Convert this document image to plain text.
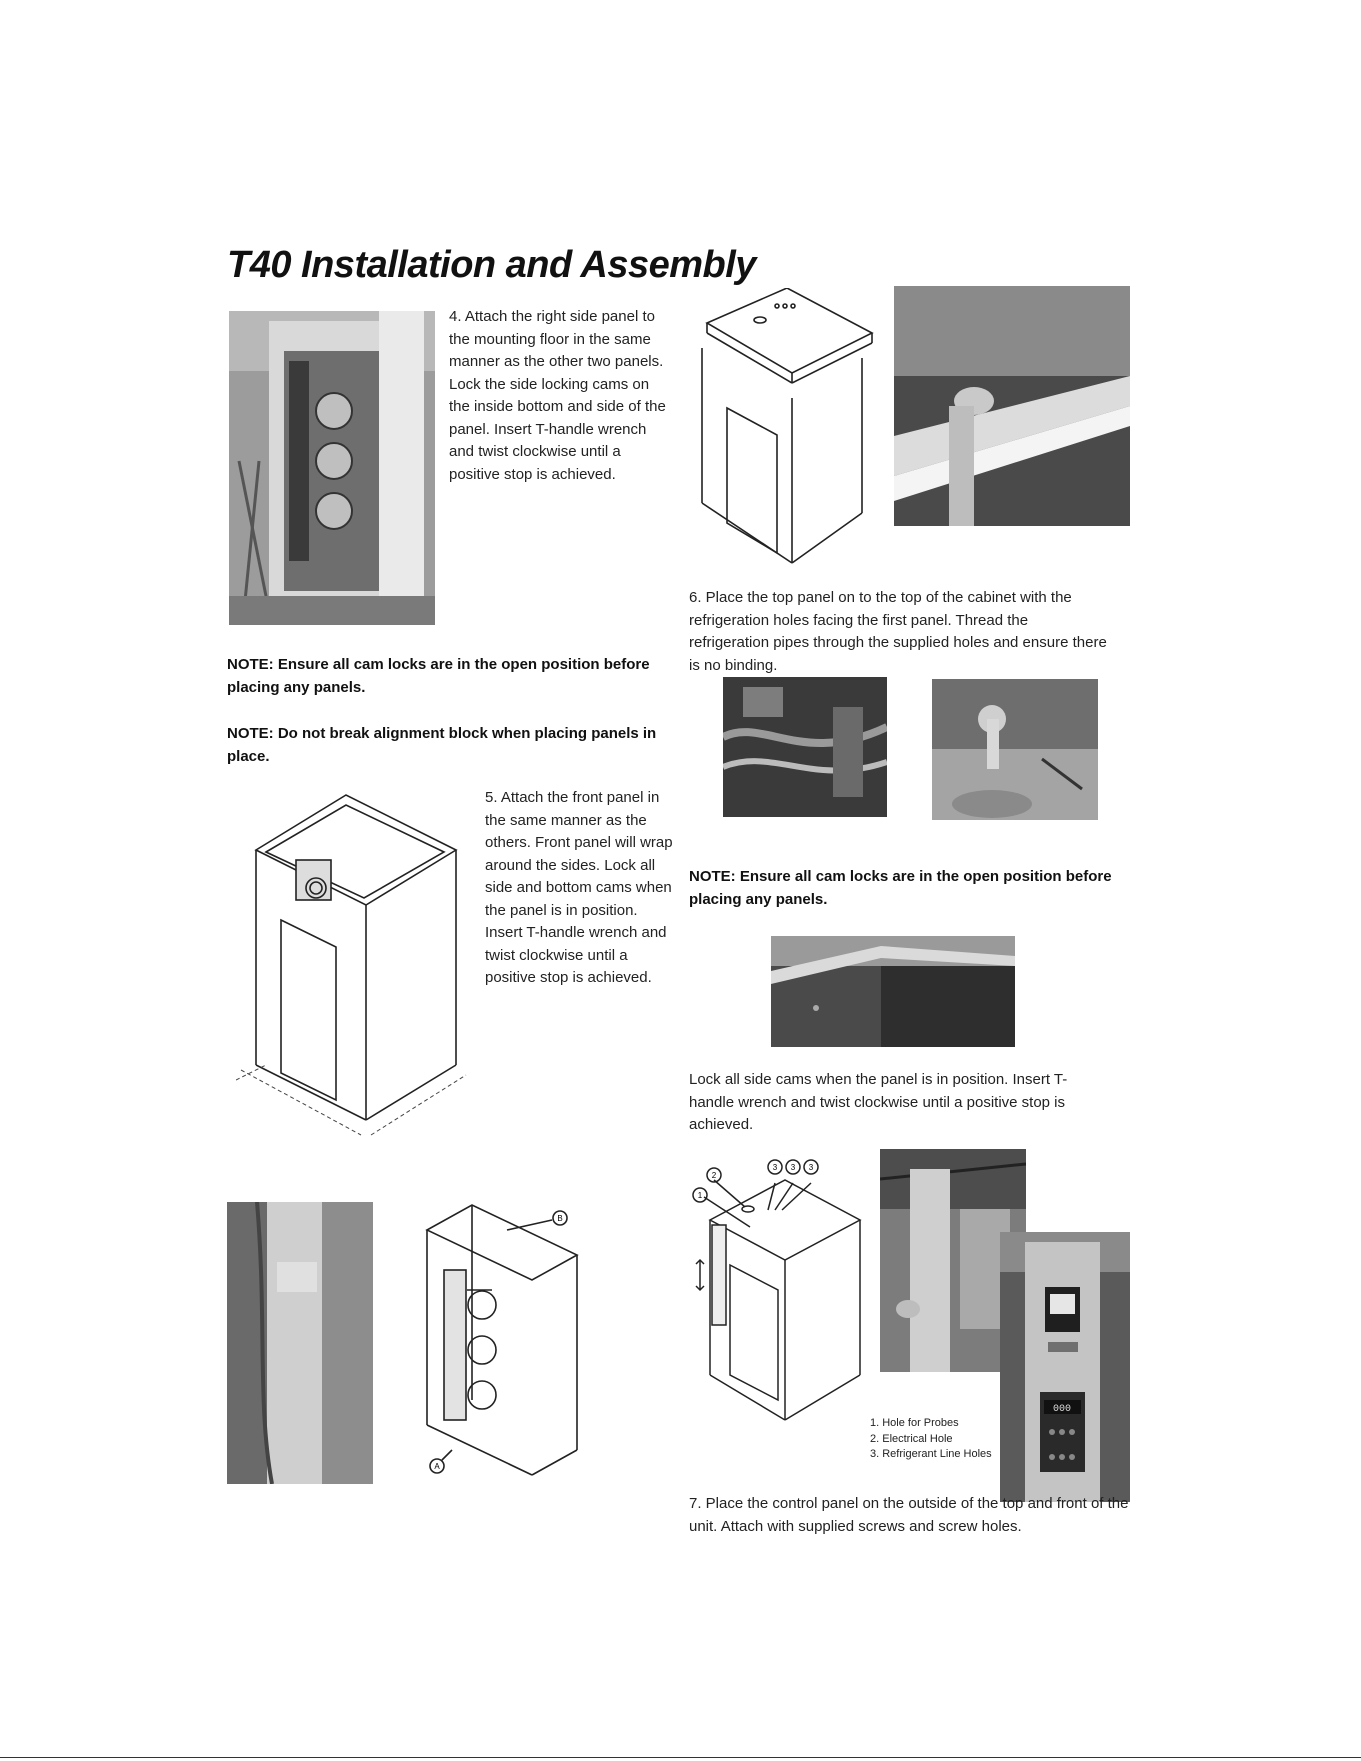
T40 Installation and Assembly
4. Attach the right side panel to the mounting floor in the same manner as the other two panels. Lock the side locking cams on the inside bottom and side of the panel. Insert T-handle wrench and twist clockwise until a positive stop is achieved.
NOTE: Ensure all cam locks are in the open position before placing any panels.
NOTE: Do not break alignment block when placing panels in place.
5. Attach the front panel in the same manner as the others. Front panel will wrap around the sides. Lock all side and bottom cams when the panel is in position. Insert T-handle wrench and twist clockwise until a positive stop is achieved.
B
A
6. Place the top panel on to the top of the cabinet with the refrigeration holes facing the first panel. Thread the refrigeration pipes through the supplied holes and ensure there is no binding.
NOTE: Ensure all cam locks are in the open position before placing any panels.
Lock all side cams when the panel is in position. Insert T-handle wrench and twist clockwise until a positive stop is achieved.
1
2
3 3 3
1. Hole for Probes
2. Electrical Hole
3. Refrigerant Line Holes
000
7. Place the control panel on the outside of the top and front of the unit. Attach with supplied screws and screw holes.
